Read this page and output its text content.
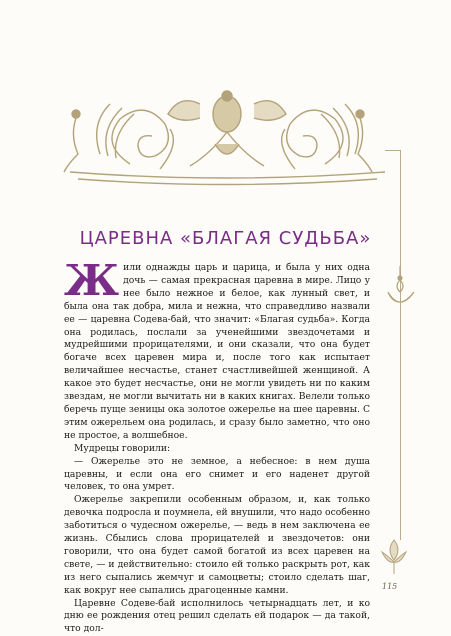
ЦАРЕВНА «БЛАГАЯ СУДЬБА»

Жили однажды царь и царица, и была у них одна дочь — самая прекрасная царевна в мире. Лицо у нее было нежное и белое, как лунный свет, и была она так добра, мила и нежна, что справедливо назвали ее — царевна Содева-бай, что значит: «Благая судьба». Когда она родилась, послали за ученейшими звездочетами и мудрейшими прорицателями, и они сказали, что она будет богаче всех царевен мира и, после того как испытает величайшее несчастье, станет счастливейшей женщиной. А какое это будет несчастье, они не могли увидеть ни по каким звездам, не могли вычитать ни в каких книгах. Велели только беречь пуще зеницы ока золотое ожерелье на шее царевны. С этим ожерельем она родилась, и сразу было заметно, что оно не простое, а волшебное.

Мудрецы говорили:

— Ожерелье это не земное, а небесное: в нем душа царевны, и если она его снимет и его наденет другой человек, то она умрет.

Ожерелье закрепили особенным образом, и, как только девочка подросла и поумнела, ей внушили, что надо особенно заботиться о чудесном ожерелье, — ведь в нем заключена ее жизнь. Сбылись слова прорицателей и звездочетов: они говорили, что она будет самой богатой из всех царевен на свете, — и действительно: стоило ей только раскрыть рот, как из него сыпались жемчуг и самоцветы; стоило сделать шаг, как вокруг нее сыпались драгоценные камни.

Царевне Содеве-бай исполнилось четырнадцать лет, и ко дню ее рождения отец решил сделать ей подарок — да такой, что дол-

115
